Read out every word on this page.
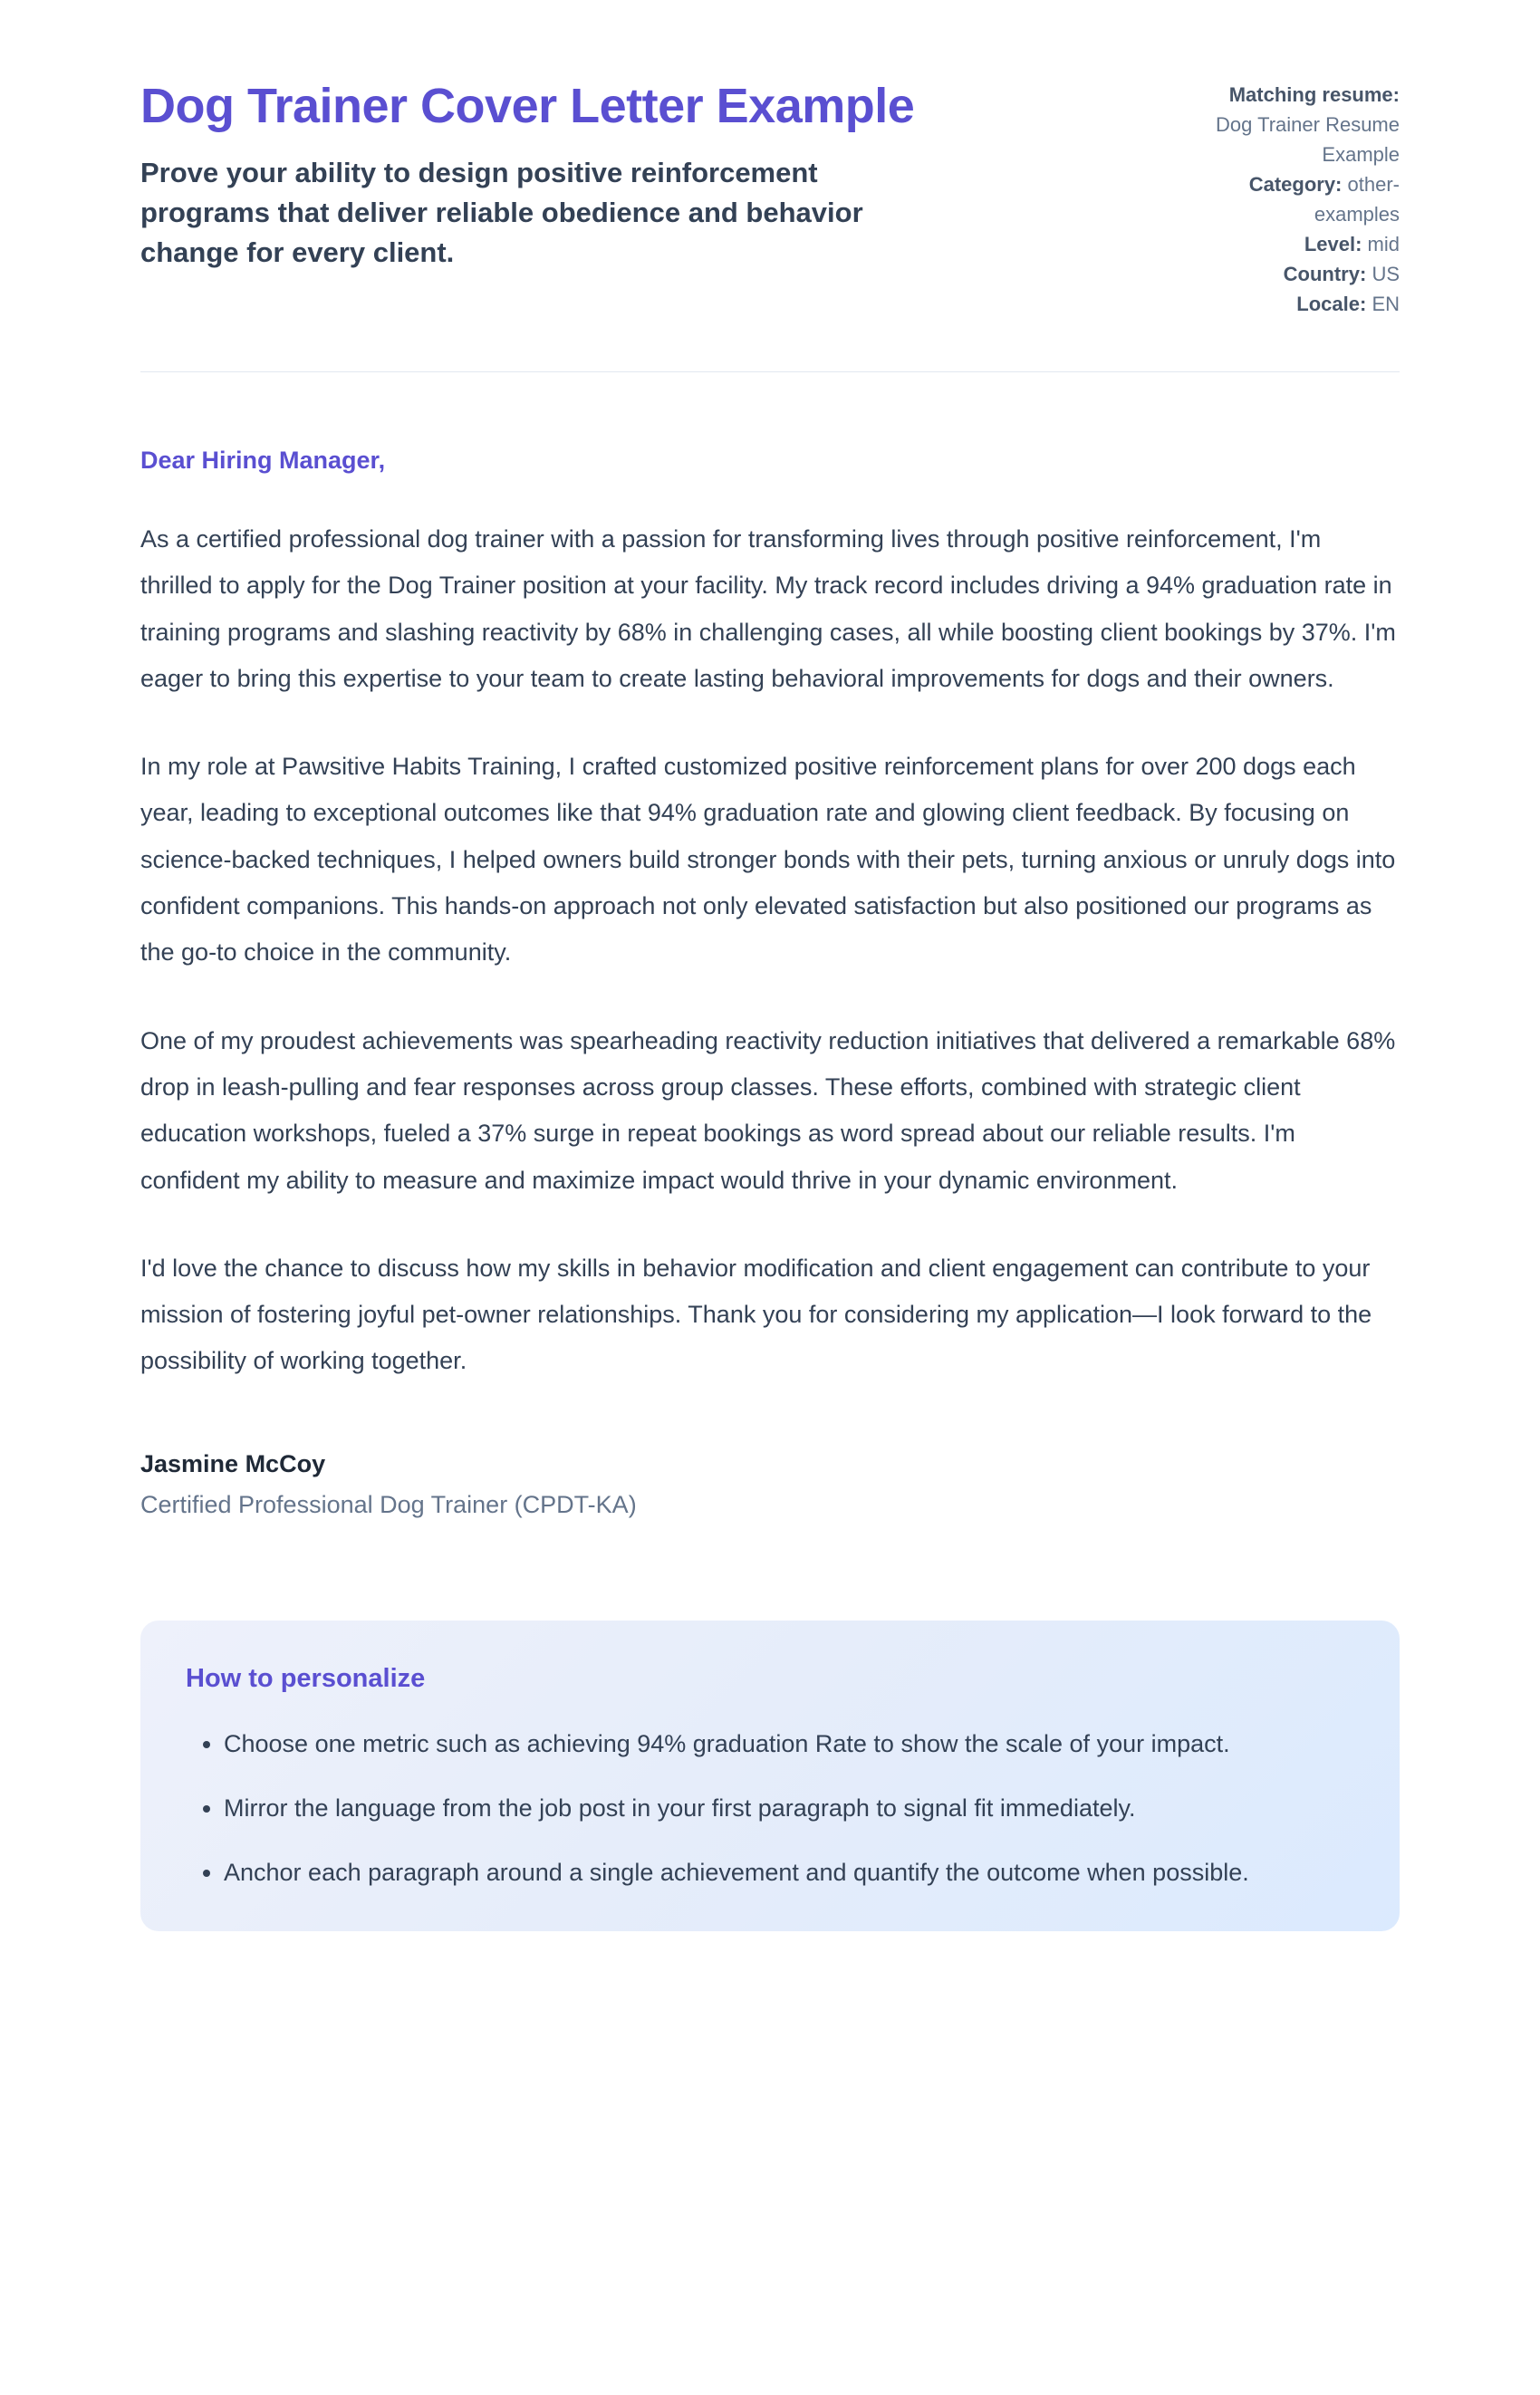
Dog Trainer Cover Letter Example

Prove your ability to design positive reinforcement programs that deliver reliable obedience and behavior change for every client.

Matching resume: Dog Trainer Resume Example
Category: other-examples
Level: mid
Country: US
Locale: EN

Dear Hiring Manager,

As a certified professional dog trainer with a passion for transforming lives through positive reinforcement, I'm thrilled to apply for the Dog Trainer position at your facility. My track record includes driving a 94% graduation rate in training programs and slashing reactivity by 68% in challenging cases, all while boosting client bookings by 37%. I'm eager to bring this expertise to your team to create lasting behavioral improvements for dogs and their owners.

In my role at Pawsitive Habits Training, I crafted customized positive reinforcement plans for over 200 dogs each year, leading to exceptional outcomes like that 94% graduation rate and glowing client feedback. By focusing on science-backed techniques, I helped owners build stronger bonds with their pets, turning anxious or unruly dogs into confident companions. This hands-on approach not only elevated satisfaction but also positioned our programs as the go-to choice in the community.

One of my proudest achievements was spearheading reactivity reduction initiatives that delivered a remarkable 68% drop in leash-pulling and fear responses across group classes. These efforts, combined with strategic client education workshops, fueled a 37% surge in repeat bookings as word spread about our reliable results. I'm confident my ability to measure and maximize impact would thrive in your dynamic environment.

I'd love the chance to discuss how my skills in behavior modification and client engagement can contribute to your mission of fostering joyful pet-owner relationships. Thank you for considering my application—I look forward to the possibility of working together.

Jasmine McCoy

Certified Professional Dog Trainer (CPDT-KA)

How to personalize
• Choose one metric such as achieving 94% graduation Rate to show the scale of your impact.
• Mirror the language from the job post in your first paragraph to signal fit immediately.
• Anchor each paragraph around a single achievement and quantify the outcome when possible.
